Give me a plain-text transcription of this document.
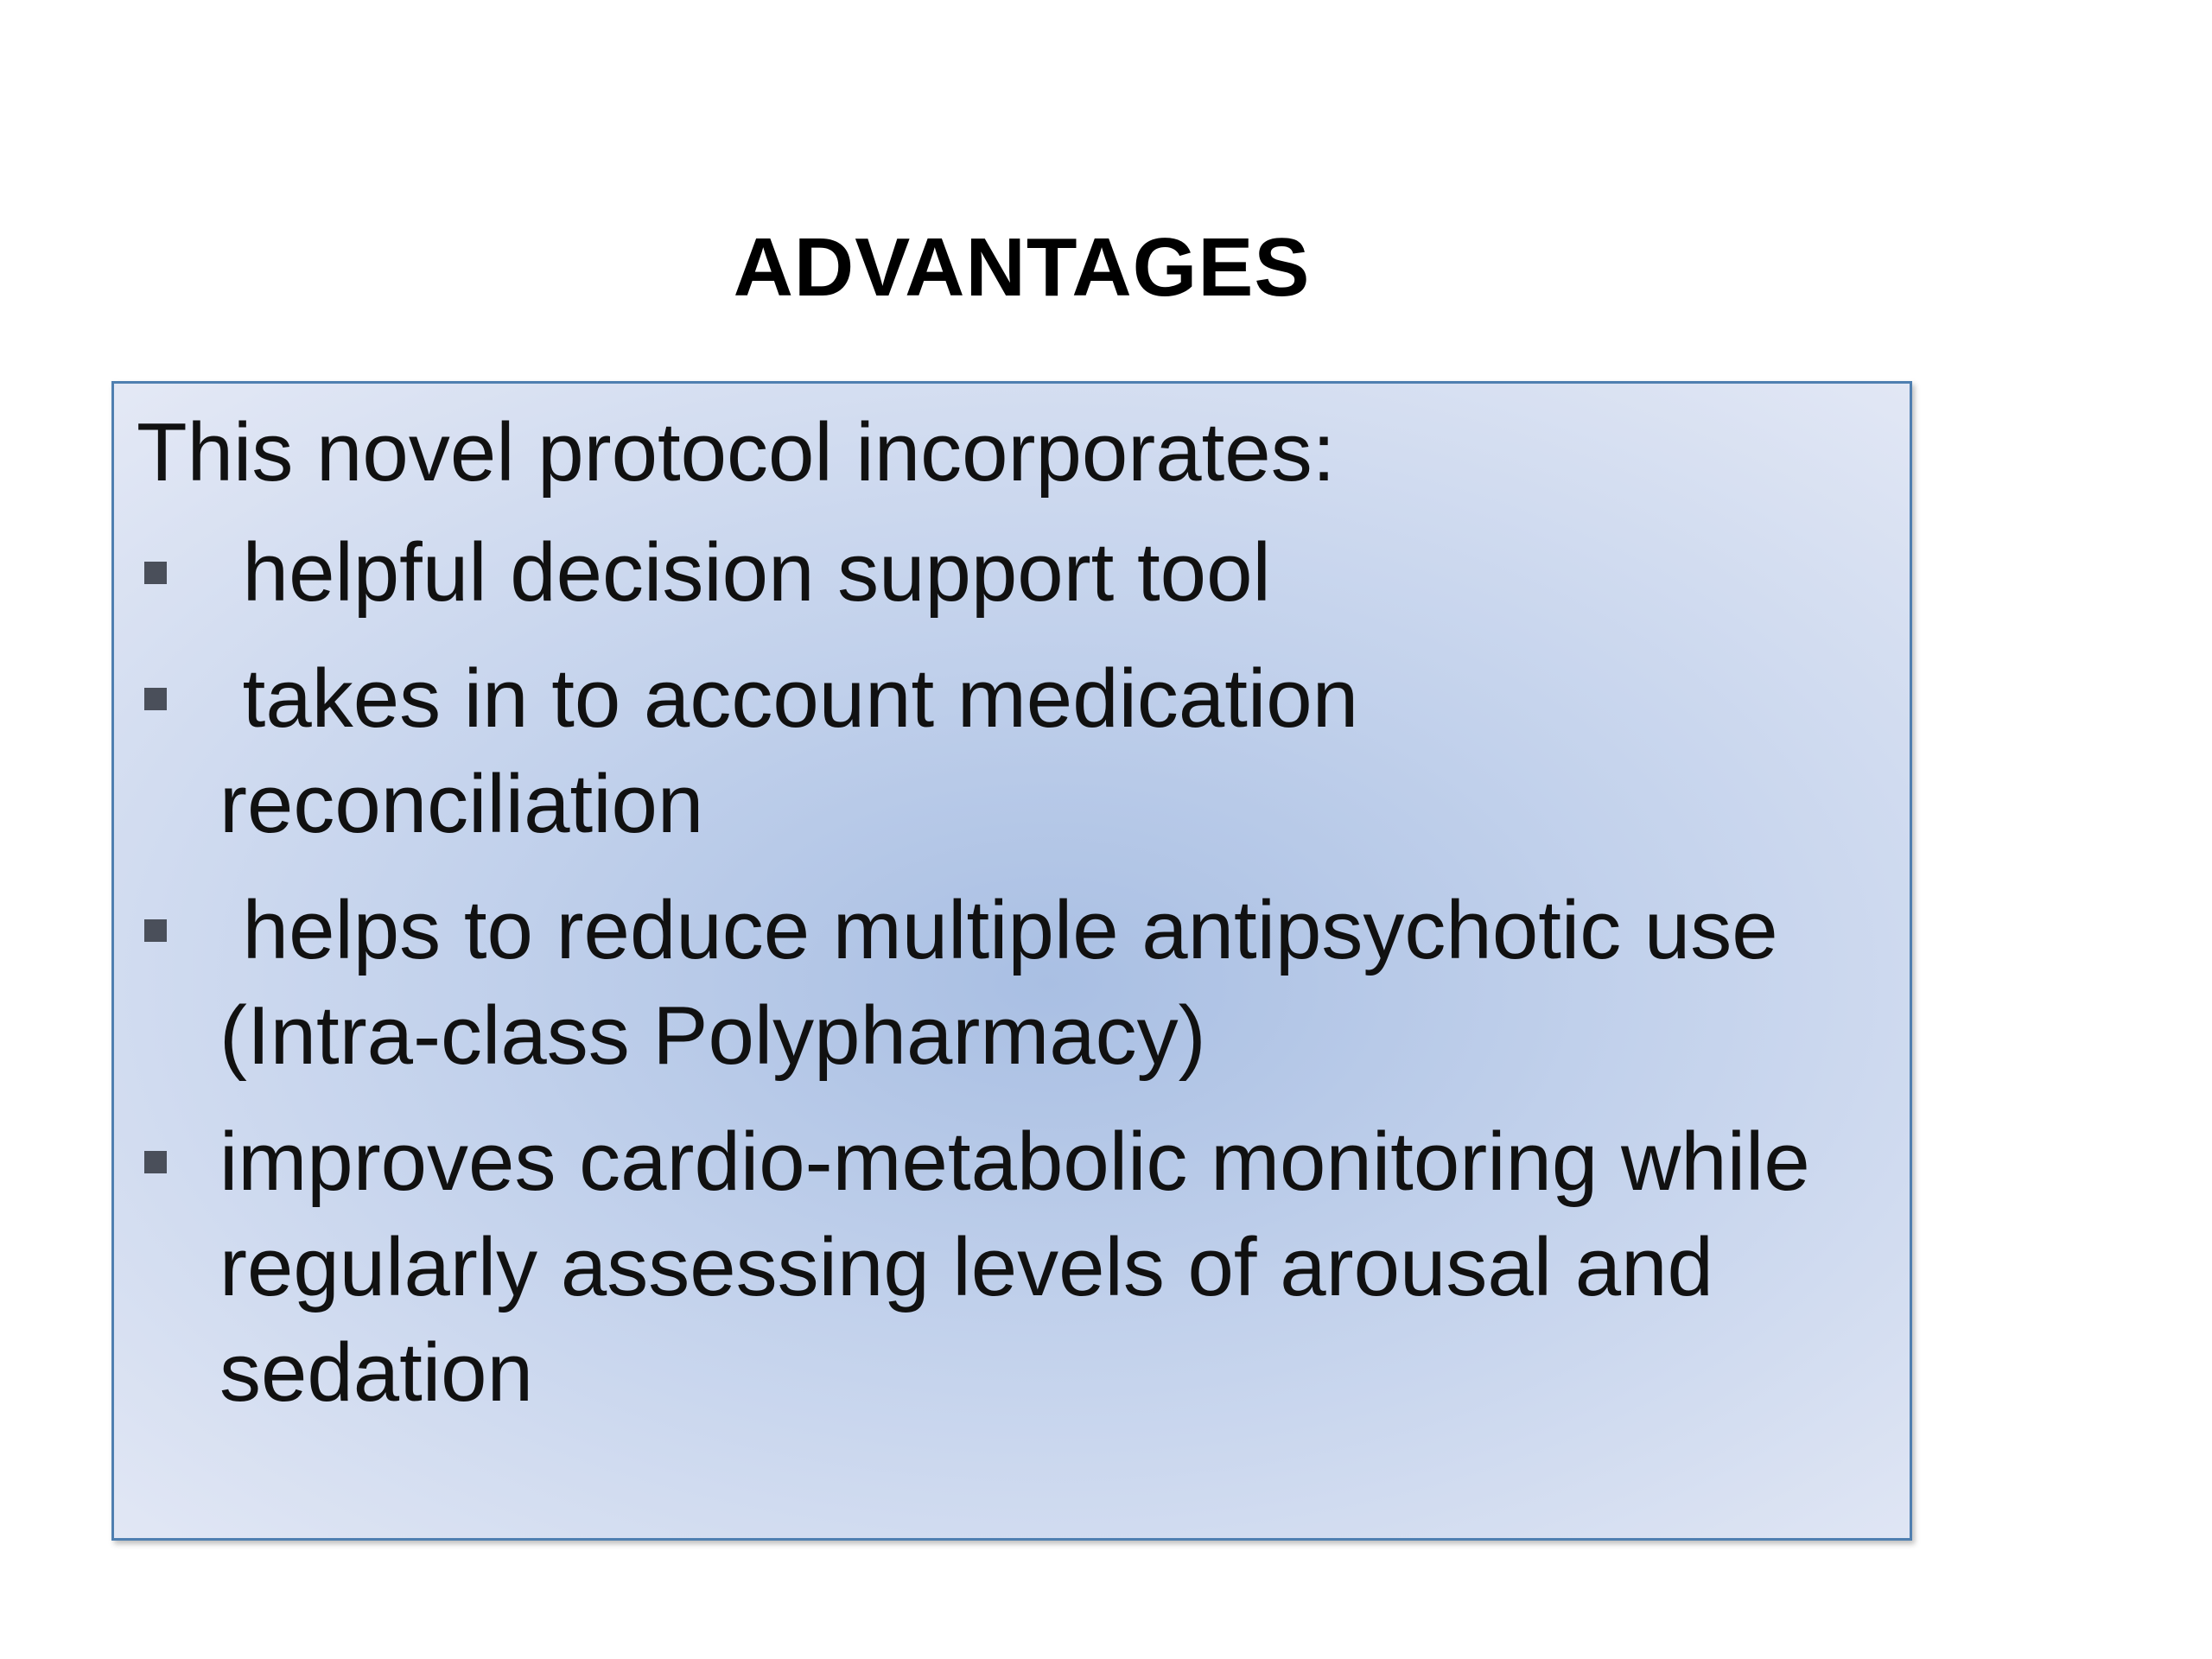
ADVANTAGES
This novel protocol incorporates:
helpful decision support tool
takes in to account medication reconciliation
helps to reduce multiple antipsychotic use (Intra-class Polypharmacy)
improves cardio-metabolic monitoring while regularly assessing levels of arousal and sedation
